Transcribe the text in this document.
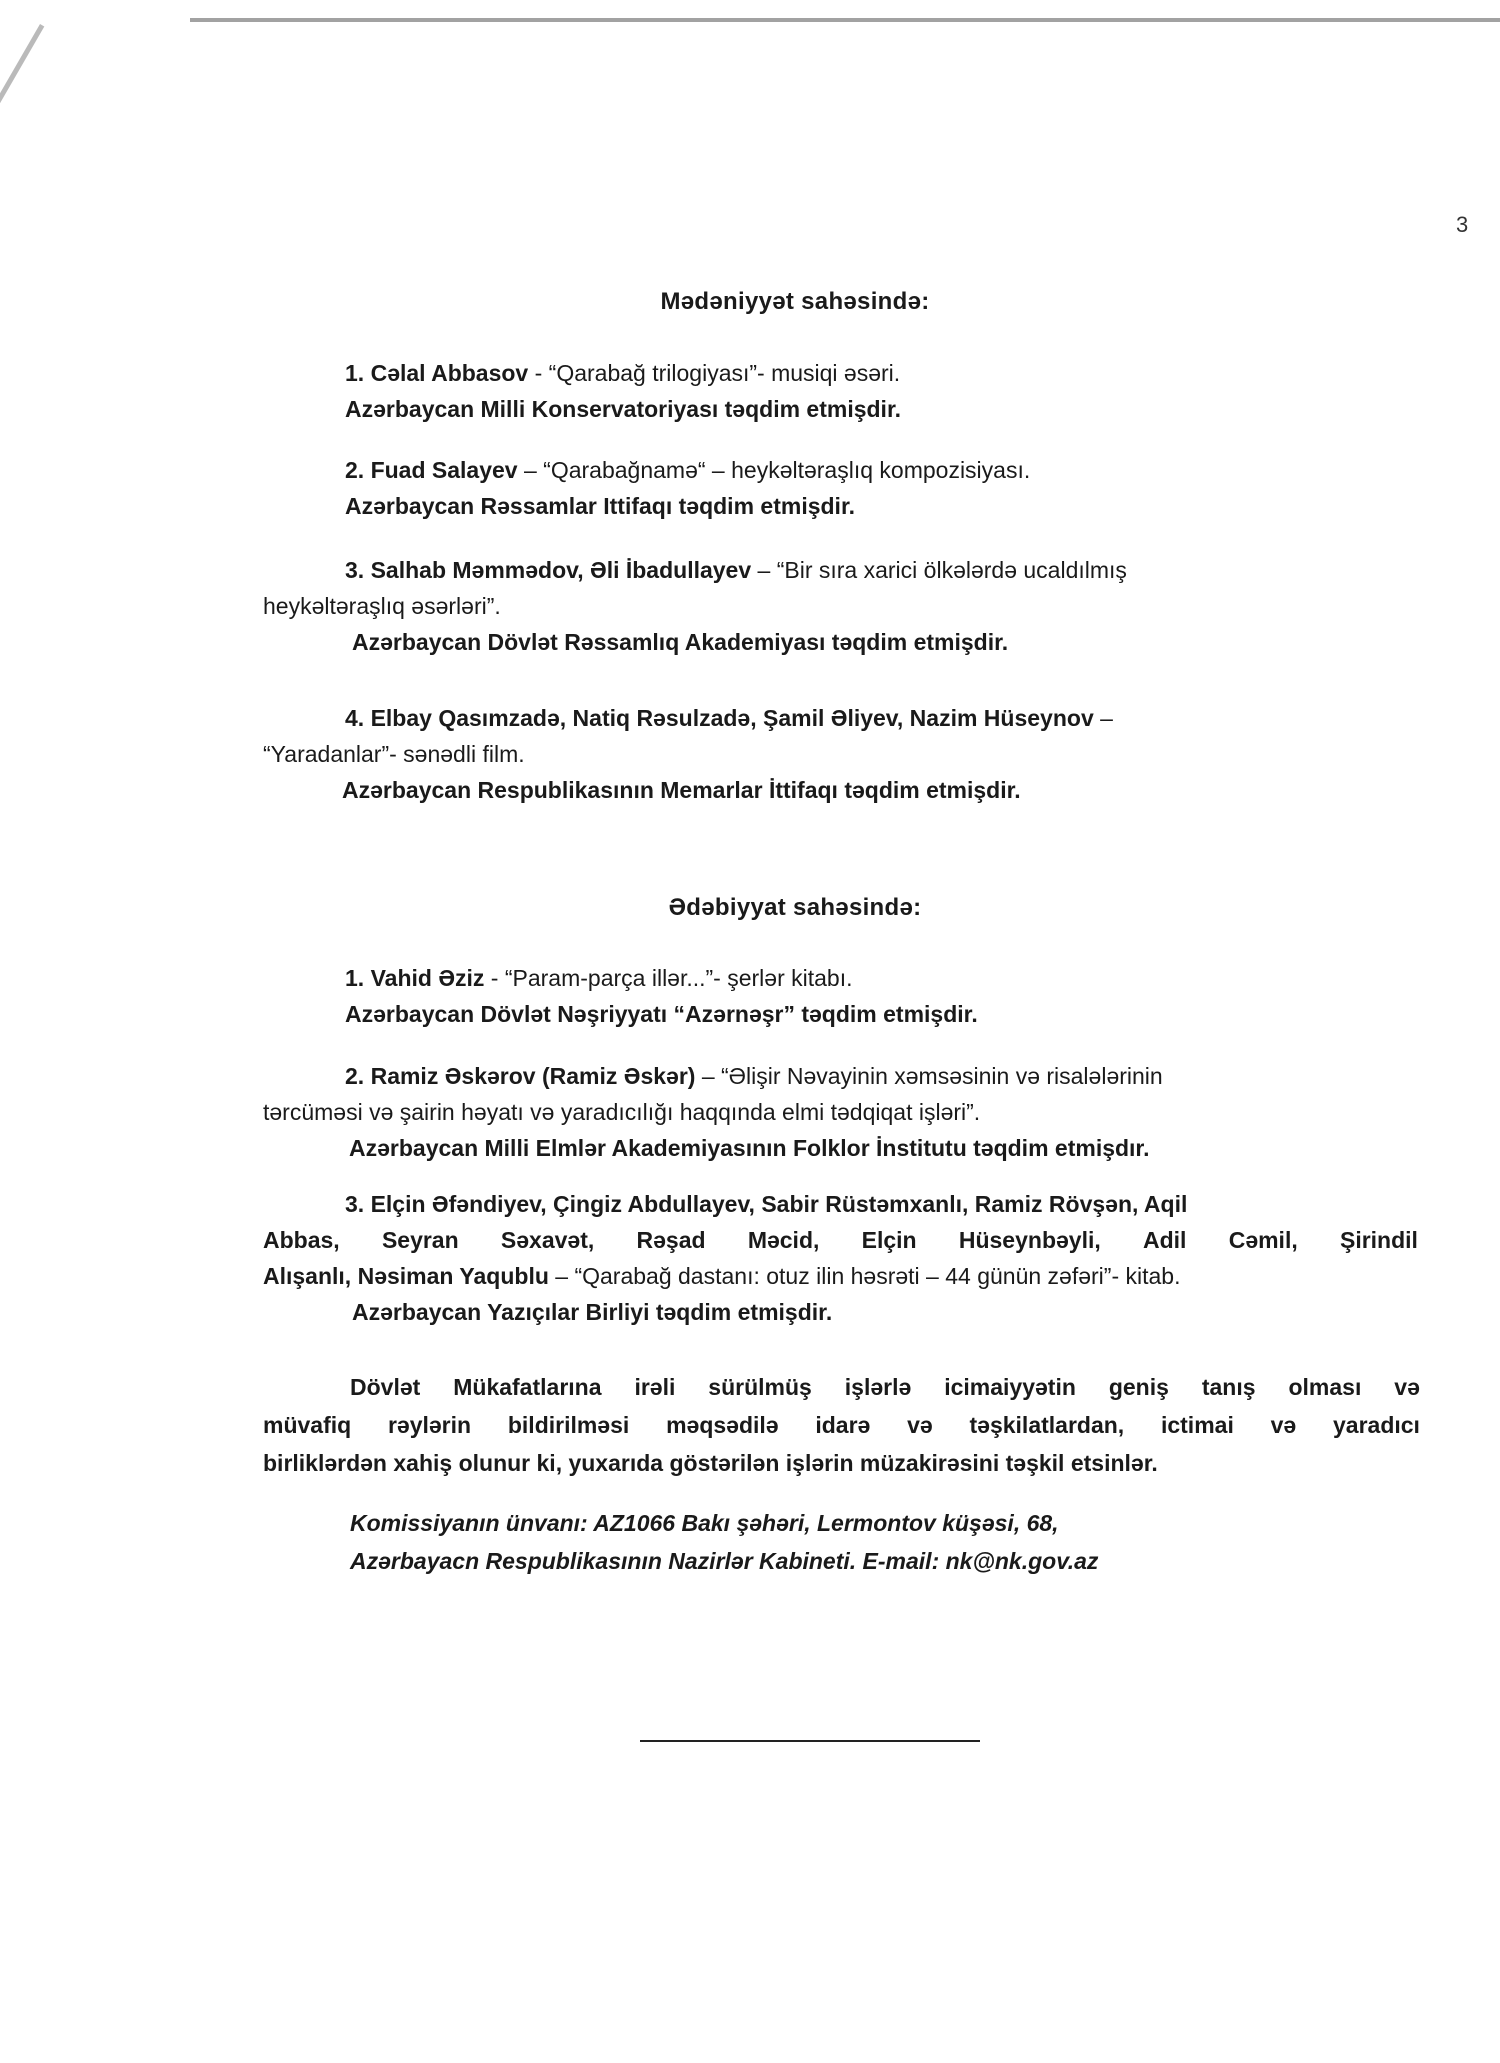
3
Mədəniyyət sahəsində:
1. Cəlal Abbasov - “Qarabağ trilogiyası”- musiqi əsəri.
Azərbaycan Milli Konservatoriyası təqdim etmişdir.
2. Fuad Salayev – “Qarabağnamə“ – heykəltəraşlıq kompozisiyası.
Azərbaycan Rəssamlar Ittifaqı təqdim etmişdir.
3. Salhab Məmmədov, Əli İbadullayev – “Bir sıra xarici ölkələrdə ucaldılmış
heykəltəraşlıq əsərləri”.
Azərbaycan Dövlət Rəssamlıq Akademiyası təqdim etmişdir.
4. Elbay Qasımzadə, Natiq Rəsulzadə, Şamil Əliyev, Nazim Hüseynov –
“Yaradanlar”- sənədli film.
Azərbaycan Respublikasının Memarlar İttifaqı təqdim etmişdir.
Ədəbiyyat sahəsində:
1. Vahid Əziz - “Param-parça illər...”- şerlər kitabı.
Azərbaycan Dövlət Nəşriyyatı “Azərnəşr” təqdim etmişdir.
2. Ramiz Əskərov (Ramiz Əskər) – “Əlişir Nəvayinin xəmsəsinin və risalələrinin
tərcüməsi və şairin həyatı və yaradıcılığı haqqında elmi tədqiqat işləri”.
Azərbaycan Milli Elmlər Akademiyasının Folklor İnstitutu təqdim etmişdır.
3. Elçin Əfəndiyev, Çingiz Abdullayev, Sabir Rüstəmxanlı, Ramiz Rövşən, Aqil
Abbas, Seyran Səxavət, Rəşad Məcid, Elçin Hüseynbəyli, Adil Cəmil, Şirindil
Alışanlı, Nəsiman Yaqublu – “Qarabağ dastanı: otuz ilin həsrəti – 44 günün zəfəri”- kitab.
Azərbaycan Yazıçılar Birliyi təqdim etmişdir.
Dövlət Mükafatlarına irəli sürülmüş işlərlə icimaiyyətin geniş tanış olması və
müvafiq rəylərin bildirilməsi məqsədilə idarə və təşkilatlardan, ictimai və yaradıcı
birliklərdən xahiş olunur ki, yuxarıda göstərilən işlərin müzakirəsini təşkil etsinlər.
Komissiyanın ünvanı: AZ1066 Bakı şəhəri, Lermontov küşəsi, 68,
Azərbayacn Respublikasının Nazirlər Kabineti. E-mail: nk@nk.gov.az
